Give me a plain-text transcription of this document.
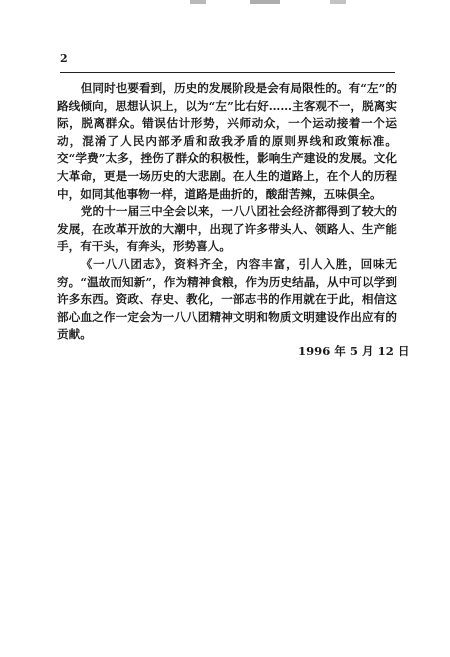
2

但同时也要看到，历史的发展阶段是会有局限性的。有“左”的路线倾向，思想认识上，以为“左”比右好……主客观不一，脱离实际，脱离群众。错误估计形势，兴师动众，一个运动接着一个运动，混淆了人民内部矛盾和敌我矛盾的原则界线和政策标准。交“学费”太多，挫伤了群众的积极性，影响生产建设的发展。文化大革命，更是一场历史的大悲剧。在人生的道路上，在个人的历程中，如同其他事物一样，道路是曲折的，酸甜苦辣，五味俱全。

党的十一届三中全会以来，一八八团社会经济都得到了较大的发展，在改革开放的大潮中，出现了许多带头人、领路人、生产能手，有干头，有奔头，形势喜人。

《一八八团志》，资料齐全，内容丰富，引人入胜，回味无穷。“温故而知新”，作为精神食粮，作为历史结晶，从中可以学到许多东西。资政、存史、教化，一部志书的作用就在于此，相信这部心血之作一定会为一八八团精神文明和物质文明建设作出应有的贡献。

1996 年 5 月 12 日
